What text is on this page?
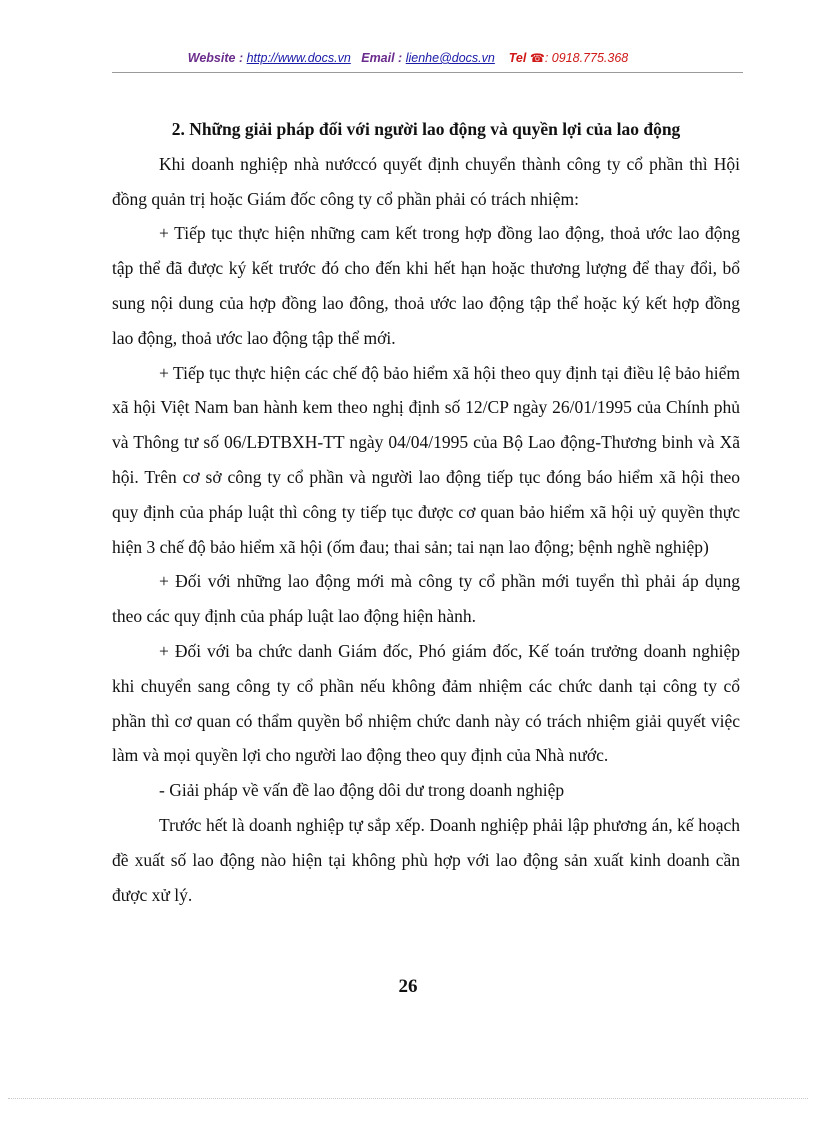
Website : http://www.docs.vn Email : lienhe@docs.vn Tel ☎: 0918.775.368

2. Những giải pháp đối với người lao động và quyền lợi của lao động

Khi doanh nghiệp nhà nướccó quyết định chuyển thành công ty cổ phần thì Hội đồng quản trị hoặc Giám đốc công ty cổ phần phải có trách nhiệm:

+ Tiếp tục thực hiện những cam kết trong hợp đồng lao động, thoả ước lao động tập thể đã được ký kết trước đó cho đến khi hết hạn hoặc thương lượng để thay đổi, bổ sung nội dung của hợp đồng lao đông, thoả ước lao động tập thể hoặc ký kết hợp đồng lao động, thoả ước lao động tập thể mới.

+ Tiếp tục thực hiện các chế độ bảo hiểm xã hội theo quy định tại điều lệ bảo hiểm xã hội Việt Nam ban hành kem theo nghị định số 12/CP ngày 26/01/1995 của Chính phủ và Thông tư số 06/LĐTBXH-TT ngày 04/04/1995 của Bộ Lao động-Thương binh và Xã hội. Trên cơ sở công ty cổ phần và người lao động tiếp tục đóng báo hiểm xã hội theo quy định của pháp luật thì công ty tiếp tục được cơ quan bảo hiểm xã hội uỷ quyền thực hiện 3 chế độ bảo hiểm xã hội (ốm đau; thai sản; tai nạn lao động; bệnh nghề nghiệp)

+ Đối với những lao động mới mà công ty cổ phần mới tuyển thì phải áp dụng theo các quy định của pháp luật lao động hiện hành.

+ Đối với ba chức danh Giám đốc, Phó giám đốc, Kế toán trưởng doanh nghiệp khi chuyển sang công ty cổ phần nếu không đảm nhiệm các chức danh tại công ty cổ phần thì cơ quan có thẩm quyền bổ nhiệm chức danh này có trách nhiệm giải quyết việc làm và mọi quyền lợi cho người lao động theo quy định của Nhà nước.

- Giải pháp về vấn đề lao động dôi dư trong doanh nghiệp

Trước hết là doanh nghiệp tự sắp xếp. Doanh nghiệp phải lập phương án, kế hoạch đề xuất số lao động nào hiện tại không phù hợp với lao động sản xuất kinh doanh cần được xử lý.

26
